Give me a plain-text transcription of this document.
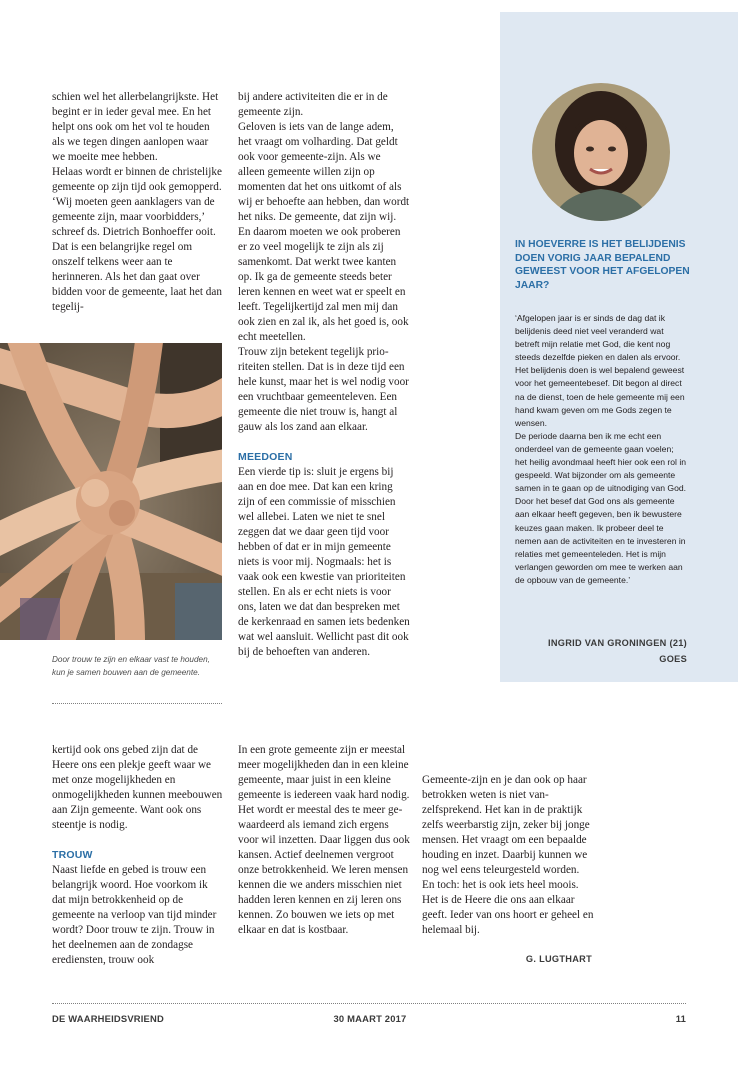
schien wel het allerbelangrijkste. Het begint er in ieder geval mee. En het helpt ons ook om het vol te houden als we tegen dingen aanlopen waar we moeite mee hebben.

Helaas wordt er binnen de christelijke gemeente op zijn tijd ook gemopperd. ‘Wij moeten geen aanklagers van de gemeente zijn, maar voorbidders,’ schreef ds. Dietrich Bonhoeffer ooit. Dat is een belangrijke regel om onszelf telkens weer aan te herinneren. Als het dan gaat over bidden voor de gemeente, laat het dan tegelij-

Door trouw te zijn en elkaar vast te houden, kun je samen bouwen aan de gemeente.

bij andere activiteiten die er in de gemeente zijn.

Geloven is iets van de lange adem, het vraagt om volharding. Dat geldt ook voor gemeente-zijn. Als we alleen gemeente willen zijn op momenten dat het ons uitkomt of als wij er behoefte aan hebben, dan wordt het niks. De gemeente, dat zijn wij. En daarom moeten we ook proberen er zo veel mogelijk te zijn als zij samenkomt. Dat werkt twee kanten op. Ik ga de gemeente steeds beter leren kennen en weet wat er speelt en leeft. Tegelijkertijd zal men mij dan ook zien en zal ik, als het goed is, ook echt meetellen.

Trouw zijn betekent tegelijk prioriteiten stellen. Dat is in deze tijd een hele kunst, maar het is wel nodig voor een vruchtbaar gemeenteleven. Een gemeente die niet trouw is, hangt al gauw als los zand aan elkaar.

MEEDOEN

Een vierde tip is: sluit je ergens bij aan en doe mee. Dat kan een kring zijn of een commissie of misschien wel allebei. Laten we niet te snel zeggen dat we daar geen tijd voor hebben of dat er in mijn gemeente niets is voor mij. Nogmaals: het is vaak ook een kwestie van prioriteiten stellen. En als er echt niets is voor ons, laten we dat dan bespreken met de kerkenraad en samen iets bedenken wat wel aansluit. Wellicht past dit ook bij de behoeften van anderen.

IN HOEVERRE IS HET BELIJDENIS DOEN VORIG JAAR BEPALEND GEWEEST VOOR HET AFGELOPEN JAAR?

‘Afgelopen jaar is er sinds de dag dat ik belijdenis deed niet veel veranderd wat betreft mijn relatie met God, die kent nog steeds dezelfde pieken en dalen als ervoor. Het belijdenis doen is wel bepalend geweest voor het gemeentebesef. Dit begon al direct na de dienst, toen de hele gemeente mij een hand kwam geven om me Gods zegen te wensen.

De periode daarna ben ik me echt een onderdeel van de gemeente gaan voelen; het heilig avondmaal heeft hier ook een rol in gespeeld. Wat bijzonder om als gemeente samen in te gaan op de uitnodiging van God. Door het besef dat God ons als gemeente aan elkaar heeft gegeven, ben ik bewustere keuzes gaan maken. Ik probeer deel te nemen aan de activiteiten en te investeren in relaties met gemeenteleden. Het is mijn verlangen geworden om mee te werken aan de opbouw van de gemeente.’

INGRID VAN GRONINGEN (21)
GOES

kertijd ook ons gebed zijn dat de Heere ons een plekje geeft waar we met onze mogelijkheden en onmogelijkheden kunnen meebouwen aan Zijn gemeente. Want ook ons steentje is nodig.

TROUW

Naast liefde en gebed is trouw een belangrijk woord. Hoe voorkom ik dat mijn betrokkenheid op de gemeente na verloop van tijd minder wordt? Door trouw te zijn. Trouw in het deelnemen aan de zondagse erediensten, trouw ook

In een grote gemeente zijn er meestal meer mogelijkheden dan in een kleine gemeente, maar juist in een kleine gemeente is iedereen vaak hard nodig. Het wordt er meestal des te meer gewaardeerd als iemand zich ergens voor wil inzetten. Daar liggen dus ook kansen. Actief deelnemen vergroot onze betrokkenheid. We leren mensen kennen die we anders misschien niet hadden leren kennen en zij leren ons kennen. Zo bouwen we iets op met elkaar en dat is kostbaar.

Gemeente-zijn en je dan ook op haar betrokken weten is niet vanzelfsprekend. Het kan in de praktijk zelfs weerbarstig zijn, zeker bij jonge mensen. Het vraagt om een bepaalde houding en inzet. Daarbij kunnen we nog wel eens teleurgesteld worden. En toch: het is ook iets heel moois. Het is de Heere die ons aan elkaar geeft. Ieder van ons hoort er geheel en helemaal bij.

G. LUGTHART
DE WAARHEIDSVRIEND	30 MAART 2017	11
